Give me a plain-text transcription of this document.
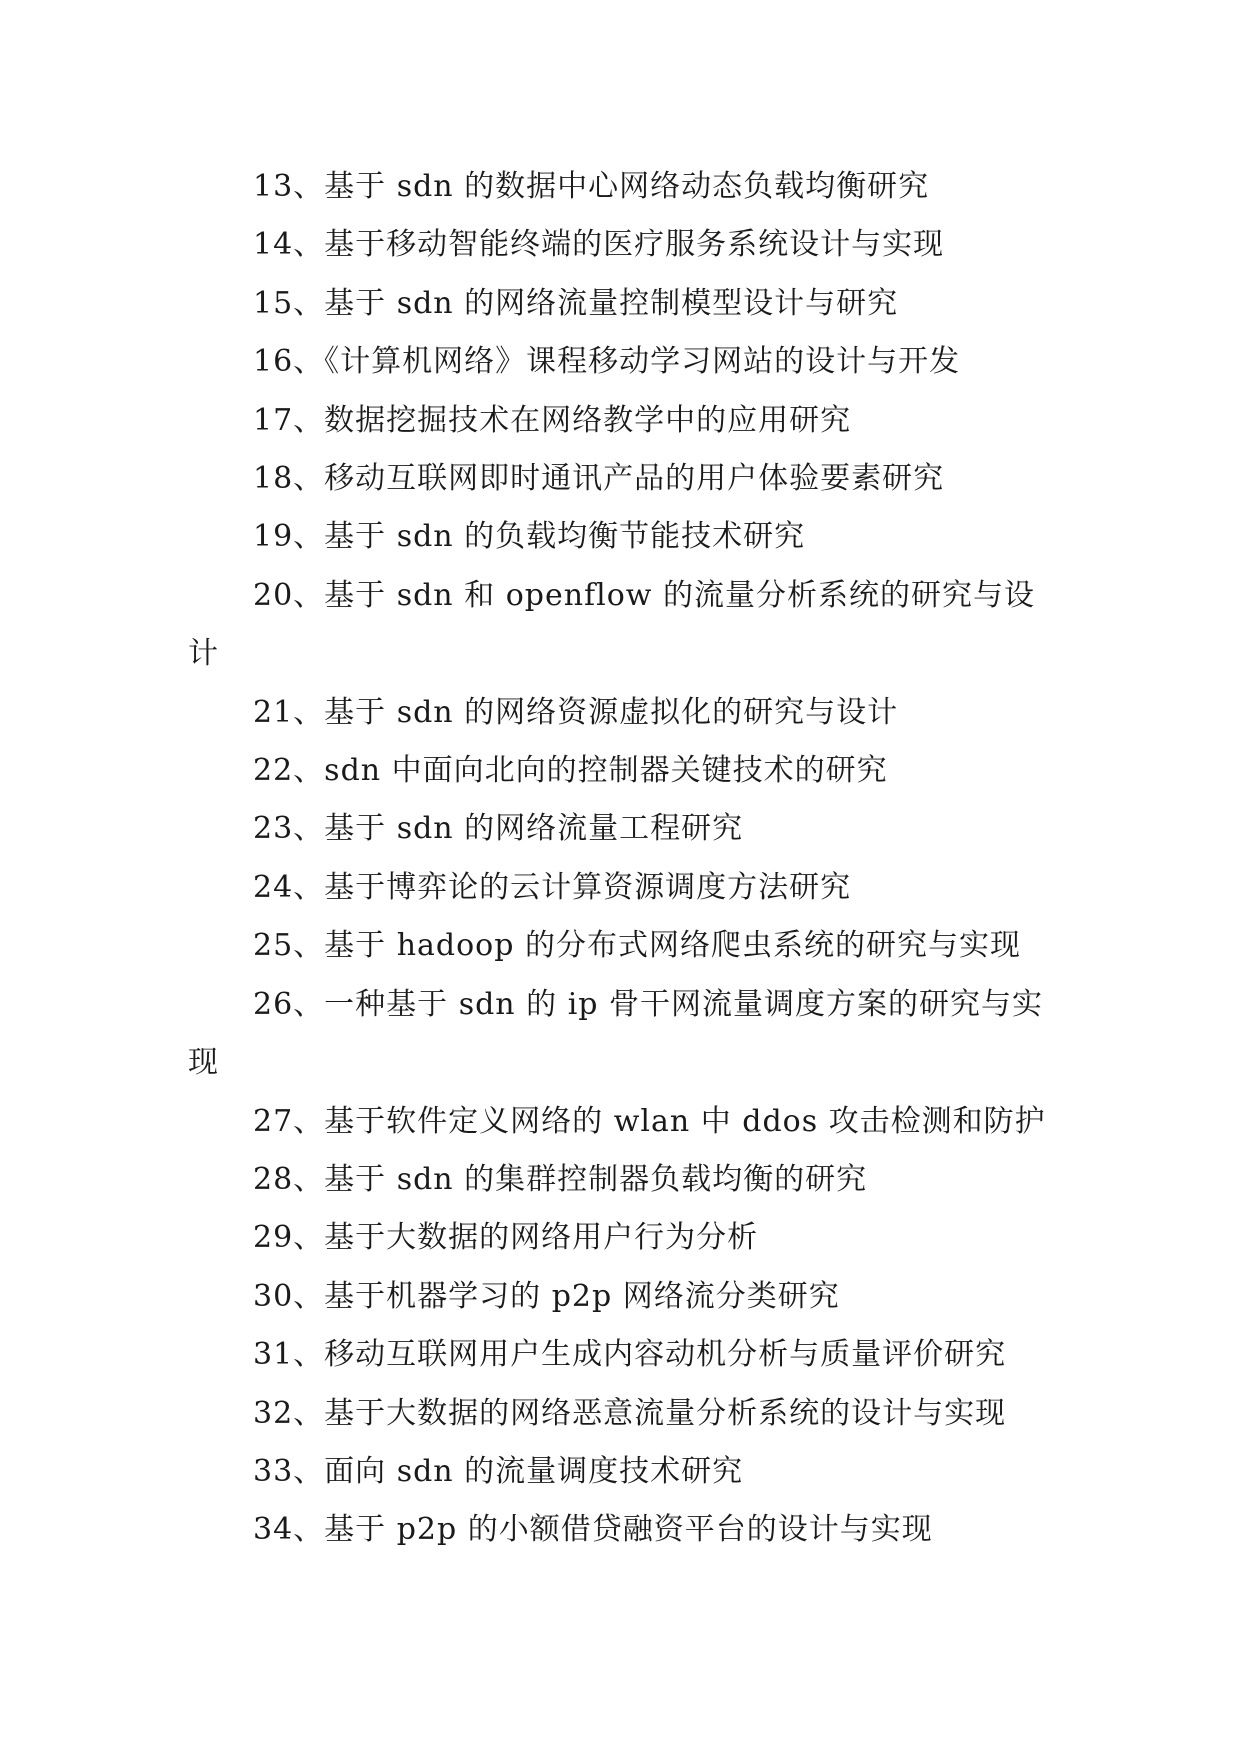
13、基于 sdn 的数据中心网络动态负载均衡研究

14、基于移动智能终端的医疗服务系统设计与实现

15、基于 sdn 的网络流量控制模型设计与研究

16、《计算机网络》课程移动学习网站的设计与开发

17、数据挖掘技术在网络教学中的应用研究

18、移动互联网即时通讯产品的用户体验要素研究

19、基于 sdn 的负载均衡节能技术研究

20、基于 sdn 和 openflow 的流量分析系统的研究与设计

21、基于 sdn 的网络资源虚拟化的研究与设计

22、sdn 中面向北向的控制器关键技术的研究

23、基于 sdn 的网络流量工程研究

24、基于博弈论的云计算资源调度方法研究

25、基于 hadoop 的分布式网络爬虫系统的研究与实现

26、一种基于 sdn 的 ip 骨干网流量调度方案的研究与实现

27、基于软件定义网络的 wlan 中 ddos 攻击检测和防护

28、基于 sdn 的集群控制器负载均衡的研究

29、基于大数据的网络用户行为分析

30、基于机器学习的 p2p 网络流分类研究

31、移动互联网用户生成内容动机分析与质量评价研究

32、基于大数据的网络恶意流量分析系统的设计与实现

33、面向 sdn 的流量调度技术研究

34、基于 p2p 的小额借贷融资平台的设计与实现
